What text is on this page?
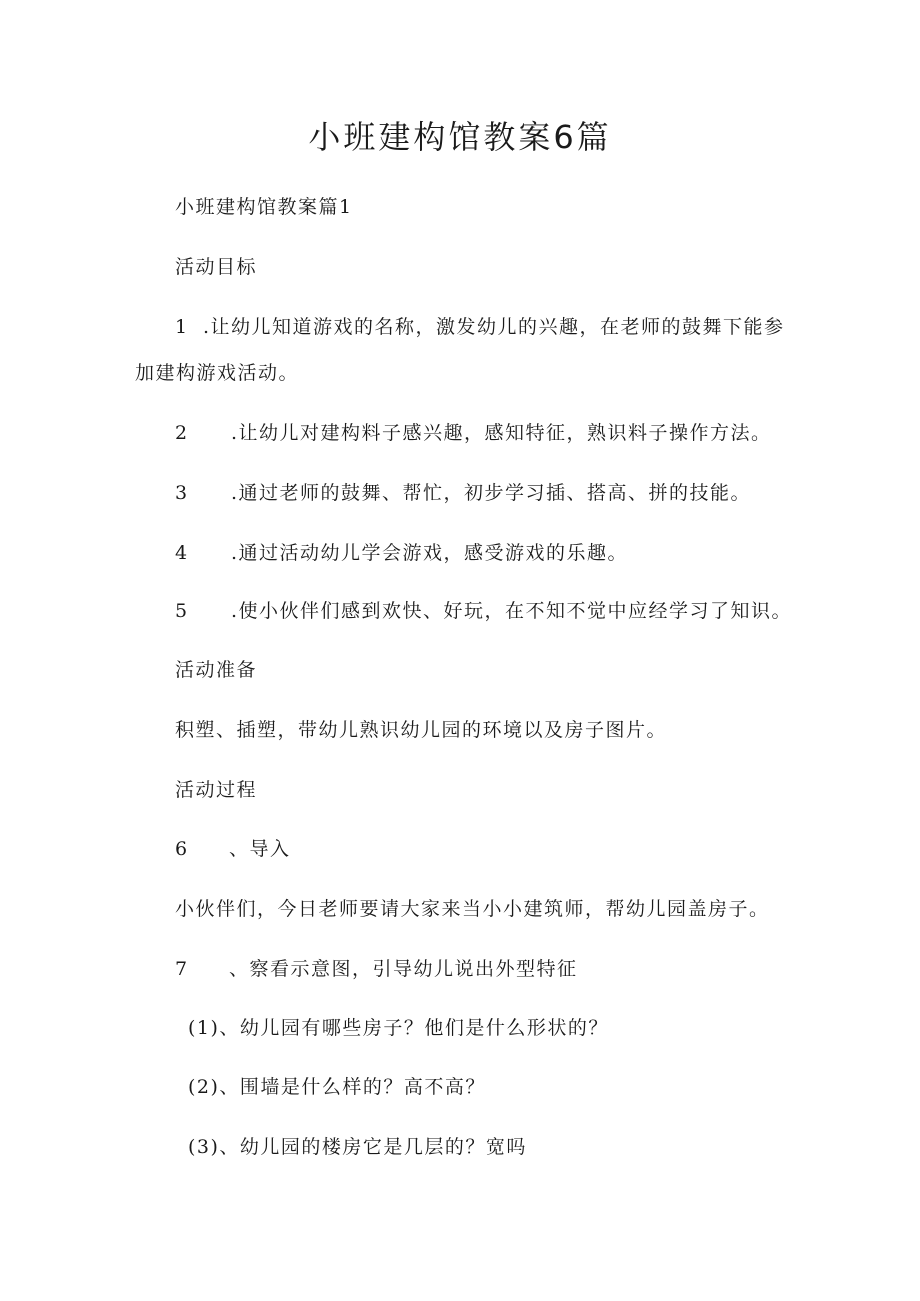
小班建构馆教案6篇

小班建构馆教案篇1

活动目标

1 .让幼儿知道游戏的名称，激发幼儿的兴趣，在老师的鼓舞下能参

加建构游戏活动。

2 .让幼儿对建构料子感兴趣，感知特征，熟识料子操作方法。

3 .通过老师的鼓舞、帮忙，初步学习插、搭高、拼的技能。

4 .通过活动幼儿学会游戏，感受游戏的乐趣。

5 .使小伙伴们感到欢快、好玩，在不知不觉中应经学习了知识。

活动准备

积塑、插塑，带幼儿熟识幼儿园的环境以及房子图片。

活动过程

6 、导入

小伙伴们，今日老师要请大家来当小小建筑师，帮幼儿园盖房子。

7 、察看示意图，引导幼儿说出外型特征

(1)、幼儿园有哪些房子？他们是什么形状的？

(2)、围墙是什么样的？高不高？

(3)、幼儿园的楼房它是几层的？宽吗
